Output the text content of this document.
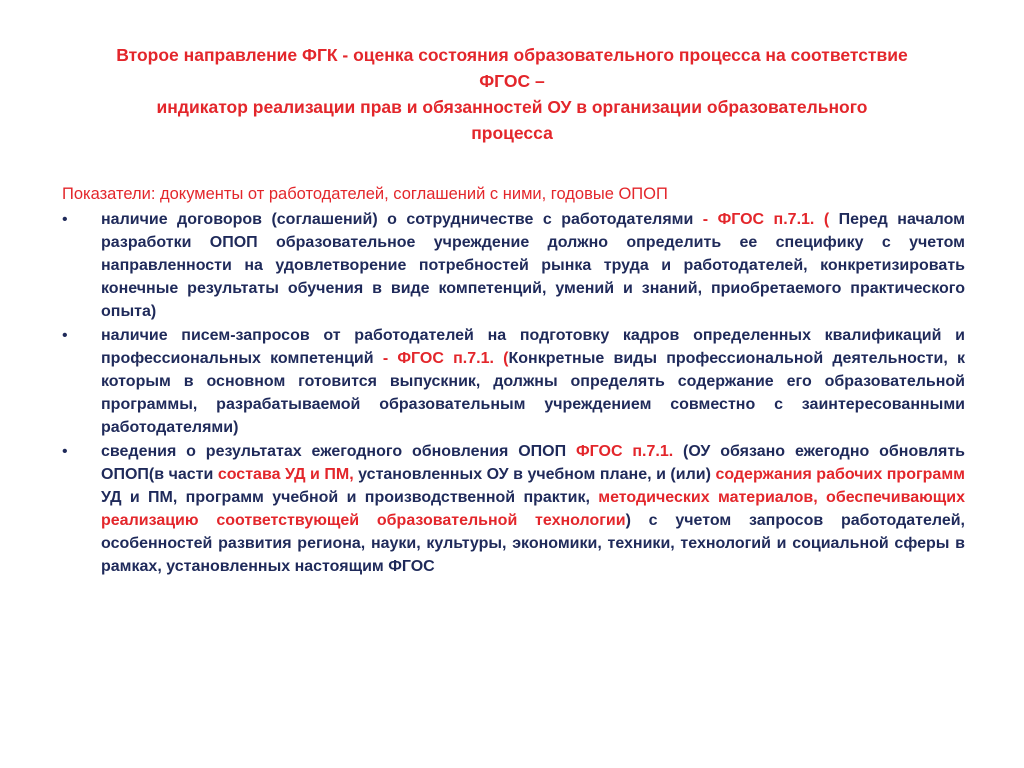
Второе направление ФГК - оценка состояния образовательного процесса на соответствие
ФГОС –
индикатор реализации прав и обязанностей ОУ в организации образовательного
процесса
Показатели: документы от работодателей, соглашений с ними, годовые ОПОП
• наличие договоров (соглашений) о сотрудничестве с работодателями - ФГОС п.7.1. ( Перед началом разработки ОПОП образовательное учреждение должно определить ее специфику с учетом направленности на удовлетворение потребностей рынка труда и работодателей, конкретизировать конечные результаты обучения в виде компетенций, умений и знаний, приобретаемого практического опыта)
• наличие писем-запросов от работодателей на подготовку кадров определенных квалификаций и профессиональных компетенций - ФГОС п.7.1. (Конкретные виды профессиональной деятельности, к которым в основном готовится выпускник, должны определять содержание его образовательной программы, разрабатываемой образовательным учреждением совместно с заинтересованными работодателями)
• сведения о результатах ежегодного обновления ОПОП ФГОС п.7.1. (ОУ обязано ежегодно обновлять ОПОП(в части состава УД и ПМ, установленных ОУ в учебном плане, и (или) содержания рабочих программ УД и ПМ, программ учебной и производственной практик, методических материалов, обеспечивающих реализацию соответствующей образовательной технологии) с учетом запросов работодателей, особенностей развития региона, науки, культуры, экономики, техники, технологий и социальной сферы в рамках, установленных настоящим ФГОС
